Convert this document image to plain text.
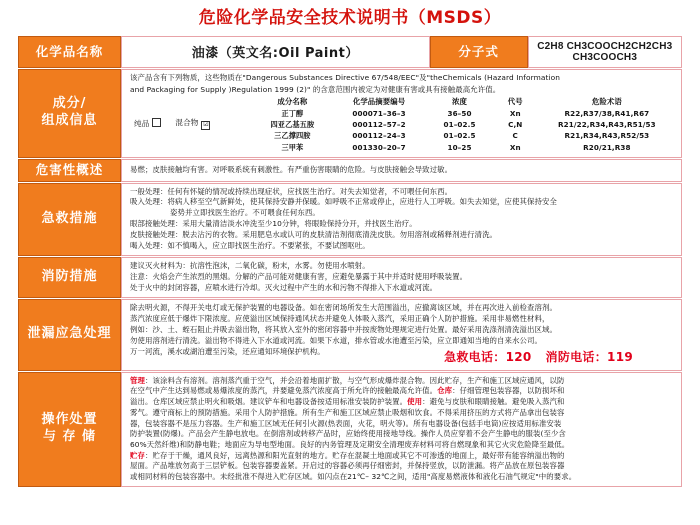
危险化学品安全技术说明书（MSDS）
化学品名称	油漆（英文名:Oil Paint）	分子式	C2H8 CH3COOCH2CH2CH3 CH3COOCH3

成分/
组成信息

该产品含有下列物质，这些物质在"Dangerous Substances Directive 67/548/EEC"及"theChemicals (Hazard Information
and Packaging for Supply )Regulation 1999 (2)" 的含意范围内被定为对健康有害或具有接触最高允许值。
纯品	混合物 ☑
成分名称	化学品摘要编号	浓度	代号	危险术语
正丁醇	000071–36–3	36–50	Xn	R22,R37/38,R41,R67
四亚乙基五胺	000112–57–2	01–02.5	C,N	R21/22,R34,R43,R51/53
三乙撑四胺	000112–24–3	01–02.5	C	R21,R34,R43,R52/53
三甲苯	001330–20–7	10–25	Xn	R20/21,R38

危害性概述	易燃；皮肤接触均有害。对呼吸系统有刺激性。有严重伤害眼睛的危险。与皮肤接触会导致过敏。
急救措施	
一般处理：任何有怀疑的情况或持续出现症状，应找医生治疗。对失去知觉者，不可喂任何东西。
吸入处理：将病人移至空气新鲜处，使其保持安静并保暖。如呼吸不正常或停止，应进行人工呼吸。如失去知觉，应使其保持安全
姿势并立即找医生治疗。不可喂食任何东西。
眼部接触处理：采用大量清洁淡水冲洗至少10分钟，将眼睑保持分开，并找医生治疗。
皮肤接触处理：脱去沾污的衣物。采用肥皂水或认可的皮肤清洁剂彻底清洗皮肤。勿用溶剂或稀释剂进行清洗。
喝入处理：如不慎喝入，应立即找医生治疗。不要紧张，不要试图呕吐。

消防措施	
建议灭火材料为：抗溶性泡沫，二氧化碳，粉末，水雾。勿使用水喷射。
注意：火焰会产生浓烈的黑烟。分解的产品可能对健康有害，应避免暴露于其中并适时使用呼吸装置。
处于火中的封闭容器，应喷水进行冷却。灭火过程中产生的水和污物不得排入下水道或河流。

泄漏应急处理	
除去明火源，不得开关电灯或无保护装置的电器设备。如在密闭场所发生大范围溢出，应撤离该区域，并在再次进入前检查溶剂。
蒸汽浓度应低于爆炸下限浓度。应使溢出区域保持通风状态并避免人体吸入蒸汽，采用正确个人防护措施。采用非易燃性材料，
例如：沙、土、蛭石阻止并吸去溢出物，将其放入室外的密闭容器中并按废物处理规定进行处置。最好采用洗涤剂清洗溢出区域。
勿使用溶剂进行清洗。溢出物不得进入下水道或河流。如果下水道，排水管或水池遭至污染，应立即通知当地的自来水公司。
万一河流，溪水或湖泊遭至污染，还应通知环境保护机构。	急救电话：120 消防电话：119

操作处置
与 存 储

管理：该涂料含有溶剂。溶剂蒸汽重于空气，并会沿着地面扩散，与空气形成爆炸混合物。因此贮存，生产和施工区域应通风，以防
在空气中产生达到易燃或易爆浓度的蒸汽，并要避免蒸汽浓度高于所允许的接触最高允许值。仓库：仔细管理包装容器，以防损坏和
溢出。仓库区域应禁止明火和吸烟。建议铲车和电器设备按适用标准安装防护装置。使用：避免与皮肤和眼睛接触。避免吸入蒸汽和
雾气。遵守商标上的预防措施。采用个人防护措施。所有生产和施工区域应禁止吸烟和饮食。不得采用挤压的方式将产品拿出包装容
器，包装容器不是压力容器。生产和施工区域无任何引火源(热表面，火花，明火等)。所有电器设备(包括手电筒)应按适用标准安装
防护装置(防爆)。产品会产生静电放电。在倒溶剂或转移产品时，应始终使用接地导线。操作人员应穿着不会产生静电的服装(至少含
60%天然纤维)和防静电鞋；地面应为导电型地面。良好的内务管理及定期安全清理废弃材料可将自燃现象和其它火灾危险降至最低。
贮存：贮存于干燥，通风良好，远离热源和阳光直射的地方。贮存在混凝土地面或其它不可渗透的地面上，最好带有能容纳溢出物的
屋面。产品堆放勿高于三层铲板。包装容器要盖紧。开启过的容器必须再仔细密封，并保持竖放，以防泄漏。将产品放在原包装容器
或相同材料的包装容器中。未经批准不得进入贮存区域。如闪点在21℃– 32℃之间，适用"高度易燃液体和液化石油气规定"中的要求。
